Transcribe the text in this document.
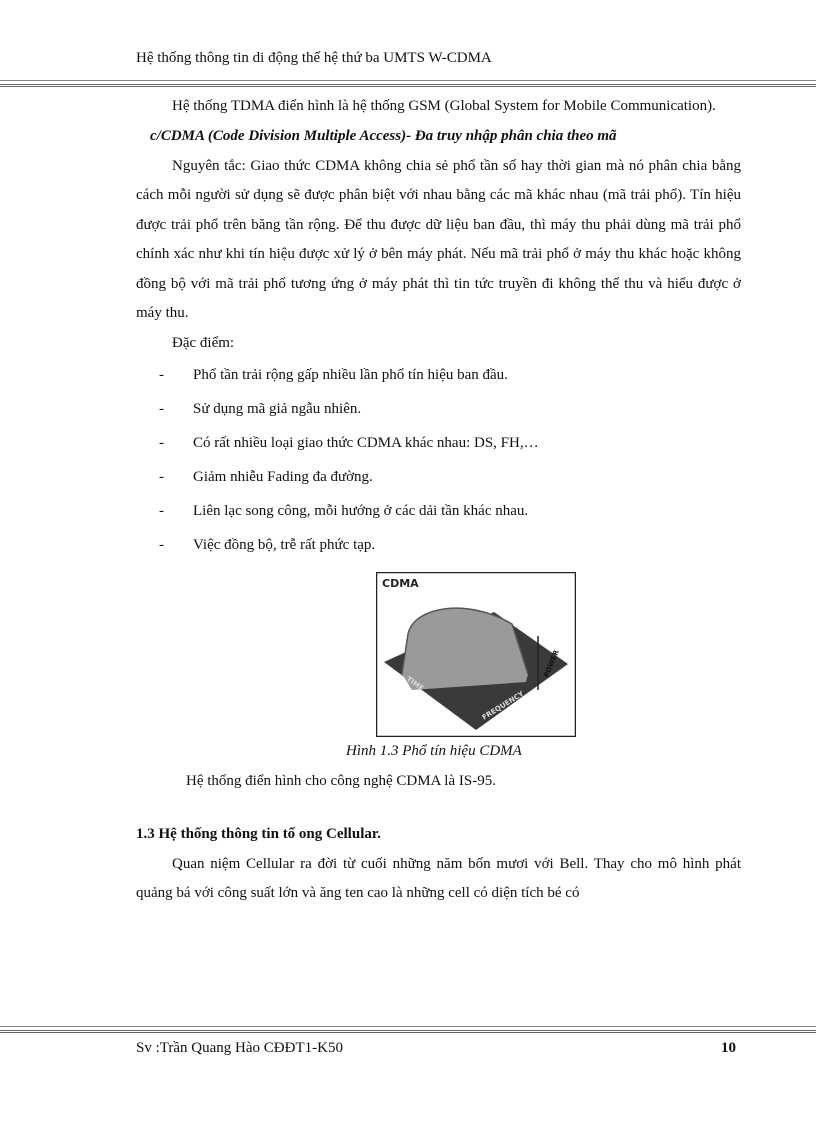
Hệ thống thông tin di động thế hệ thứ ba UMTS W-CDMA

Hệ thống TDMA điển hình là hệ thống GSM (Global System for Mobile Communication).

c/CDMA (Code Division Multiple Access)- Đa truy nhập phân chia theo mã

Nguyên tắc: Giao thức CDMA không chia sẻ phổ tần số hay thời gian mà nó phân chia bằng cách mỗi người sử dụng sẽ được phân biệt với nhau bằng các mã khác nhau (mã trải phổ). Tín hiệu được trải phổ trên băng tần rộng. Để thu được dữ liệu ban đầu, thì máy thu phải dùng mã trải phổ chính xác như khi tín hiệu được xử lý ở bên máy phát. Nếu mã trải phổ ở máy thu khác hoặc không đồng bộ với mã trải phổ tương ứng ở máy phát thì tin tức truyền đi không thể thu và hiểu được ở máy thu.

Đặc điểm:

- Phổ tần trải rộng gấp nhiều lần phổ tín hiệu ban đầu.
- Sử dụng mã giả ngẫu nhiên.
- Có rất nhiều loại giao thức CDMA khác nhau: DS, FH,…
- Giảm nhiễu Fading đa đường.
- Liên lạc song công, mỗi hướng ở các dải tần khác nhau.
- Việc đồng bộ, trễ rất phức tạp.
CDMA
POWER
TIME
FREQUENCY

Hình 1.3 Phổ tín hiệu CDMA

Hệ thống điển hình cho công nghệ CDMA là IS-95.

1.3 Hệ thống thông tin tổ ong Cellular.

Quan niệm Cellular ra đời từ cuối những năm bốn mươi với Bell. Thay cho mô hình phát quảng bá với công suất lớn và ăng ten cao là những cell có diện tích bé có

Sv :Trần Quang Hào CĐĐT1-K50	10
